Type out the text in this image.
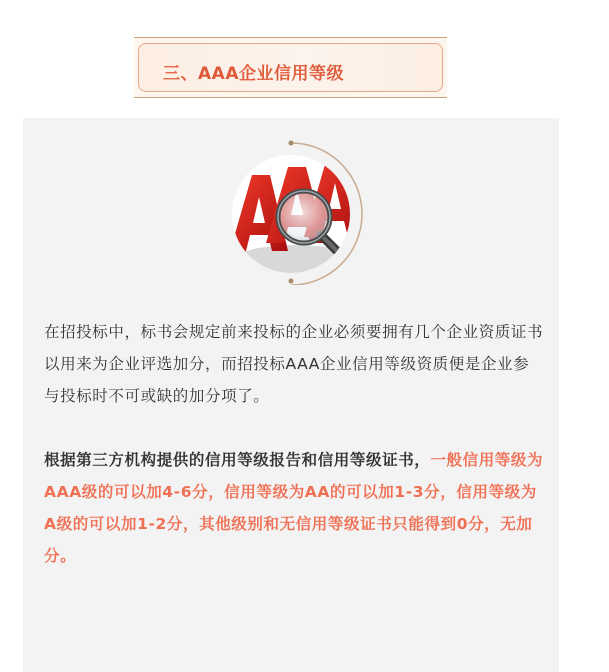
三、AAA企业信用等级

在招投标中，标书会规定前来投标的企业必须要拥有几个企业资质证书以用来为企业评选加分，而招投标AAA企业信用等级资质便是企业参与投标时不可或缺的加分项了。

根据第三方机构提供的信用等级报告和信用等级证书，一般信用等级为AAA级的可以加4-6分，信用等级为AA的可以加1-3分，信用等级为A级的可以加1-2分，其他级别和无信用等级证书只能得到0分，无加分。
